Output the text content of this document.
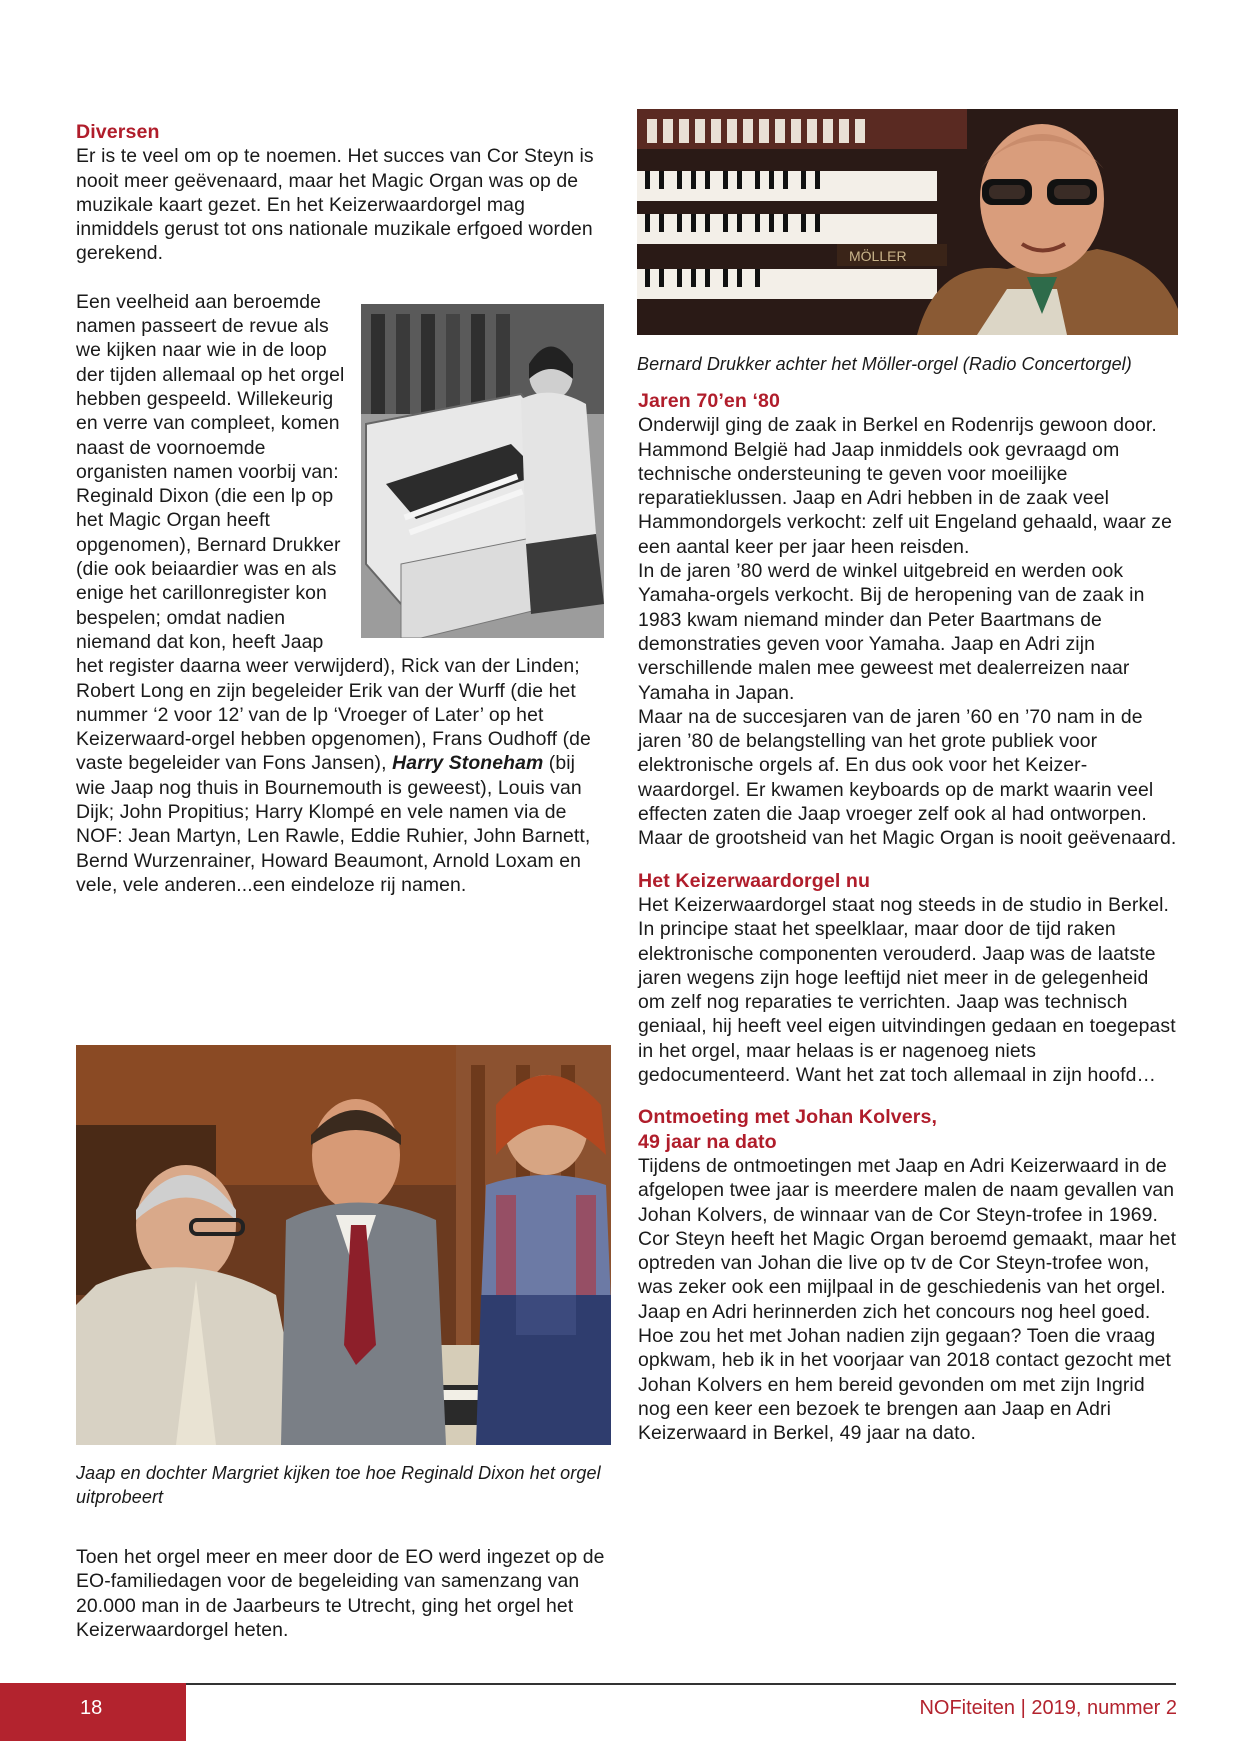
Diversen

Er is te veel om op te noemen. Het succes van Cor Steyn is nooit meer geëvenaard, maar het Magic Organ was op de muzikale kaart gezet. En het Keizerwaardorgel mag inmiddels gerust tot ons nationale muzikale erfgoed worden gerekend.

Een veelheid aan beroemde namen passeert de revue als we kijken naar wie in de loop der tijden allemaal op het orgel hebben gespeeld. Willekeurig en verre van compleet, komen naast de voornoemde organisten namen voorbij van: Reginald Dixon (die een lp op het Magic Organ heeft opgenomen), Bernard Drukker (die ook beiaardier was en als enige het carillonregister kon bespelen; omdat nadien niemand dat kon, heeft Jaap het register daarna weer verwijderd), Rick van der Linden; Robert Long en zijn begeleider Erik van der Wurff (die het nummer ‘2 voor 12’ van de lp ‘Vroeger of Later’ op het Keizerwaard-orgel hebben opgenomen), Frans Oudhoff (de vaste begeleider van Fons Jansen), Harry Stoneham (bij wie Jaap nog thuis in Bournemouth is geweest), Louis van Dijk; John Propitius; Harry Klompé en vele namen via de NOF: Jean Martyn, Len Rawle, Eddie Ruhier, John Barnett, Bernd Wurzenrainer, Howard Beaumont, Arnold Loxam en vele, vele anderen...een eindeloze rij namen.

Jaap en dochter Margriet kijken toe hoe Reginald Dixon het orgel uitprobeert
Toen het orgel meer en meer door de EO werd ingezet op de EO-familiedagen voor de begeleiding van samenzang van 20.000 man in de Jaarbeurs te Utrecht, ging het orgel het Keizerwaardorgel heten.
MÖLLER
Bernard Drukker achter het Möller-orgel (Radio Concertorgel)
Jaren 70’en ‘80

Onderwijl ging de zaak in Berkel en Rodenrijs gewoon door. Hammond België had Jaap inmiddels ook gevraagd om technische ondersteuning te geven voor moeilijke reparatieklussen. Jaap en Adri hebben in de zaak veel Hammondorgels verkocht: zelf uit Engeland gehaald, waar ze een aantal keer per jaar heen reisden.

In de jaren ’80 werd de winkel uitgebreid en werden ook Yamaha-orgels verkocht. Bij de heropening van de zaak in 1983 kwam niemand minder dan Peter Baartmans de demonstraties geven voor Yamaha. Jaap en Adri zijn verschillende malen mee geweest met dealerreizen naar Yamaha in Japan.

Maar na de succesjaren van de jaren ’60 en ’70 nam in de jaren ’80 de belangstelling van het grote publiek voor elektronische orgels af. En dus ook voor het Keizer-waardorgel. Er kwamen keyboards op de markt waarin veel effecten zaten die Jaap vroeger zelf ook al had ontworpen. Maar de grootsheid van het Magic Organ is nooit geëvenaard.

Het Keizerwaardorgel nu

Het Keizerwaardorgel staat nog steeds in de studio in Berkel. In principe staat het speelklaar, maar door de tijd raken elektronische componenten verouderd. Jaap was de laatste jaren wegens zijn hoge leeftijd niet meer in de gelegenheid om zelf nog reparaties te verrichten. Jaap was technisch geniaal, hij heeft veel eigen uitvindingen gedaan en toegepast in het orgel, maar helaas is er nagenoeg niets gedocumenteerd. Want het zat toch allemaal in zijn hoofd…

Ontmoeting met Johan Kolvers,
49 jaar na dato

Tijdens de ontmoetingen met Jaap en Adri Keizerwaard in de afgelopen twee jaar is meerdere malen de naam gevallen van Johan Kolvers, de winnaar van de Cor Steyn-trofee in 1969. Cor Steyn heeft het Magic Organ beroemd gemaakt, maar het optreden van Johan die live op tv de Cor Steyn-trofee won, was zeker ook een mijlpaal in de geschiedenis van het orgel. Jaap en Adri herinnerden zich het concours nog heel goed. Hoe zou het met Johan nadien zijn gegaan? Toen die vraag opkwam, heb ik in het voorjaar van 2018 contact gezocht met Johan Kolvers en hem bereid gevonden om met zijn Ingrid nog een keer een bezoek te brengen aan Jaap en Adri Keizerwaard in Berkel, 49 jaar na dato.

18	NOFiteiten | 2019, nummer 2
